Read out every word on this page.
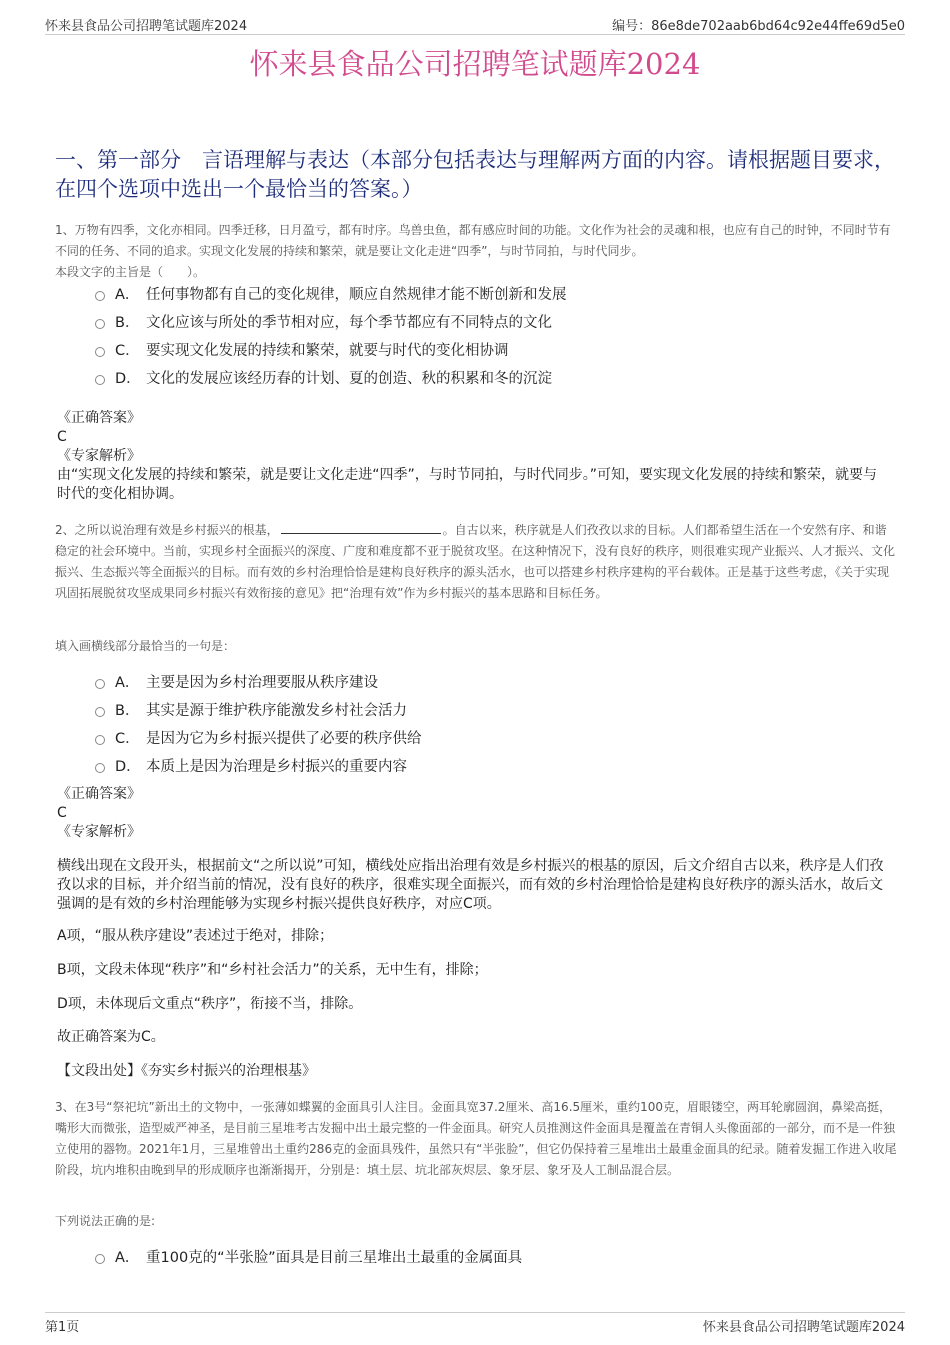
怀来县食品公司招聘笔试题库2024	编号：86e8de702aab6bd64c92e44ffe69d5e0
怀来县食品公司招聘笔试题库2024
一、第一部分　言语理解与表达（本部分包括表达与理解两方面的内容。请根据题目要求，在四个选项中选出一个最恰当的答案。）
1、万物有四季，文化亦相同。四季迁移，日月盈亏，都有时序。鸟兽虫鱼，都有感应时间的功能。文化作为社会的灵魂和根，也应有自己的时钟，不同时节有不同的任务、不同的追求。实现文化发展的持续和繁荣，就是要让文化走进“四季”，与时节同拍，与时代同步。
本段文字的主旨是（　　）。
A． 任何事物都有自己的变化规律，顺应自然规律才能不断创新和发展
B． 文化应该与所处的季节相对应，每个季节都应有不同特点的文化
C． 要实现文化发展的持续和繁荣，就要与时代的变化相协调
D． 文化的发展应该经历春的计划、夏的创造、秋的积累和冬的沉淀
《正确答案》
C
《专家解析》
由“实现文化发展的持续和繁荣，就是要让文化走进“四季”，与时节同拍，与时代同步。”可知，要实现文化发展的持续和繁荣，就要与时代的变化相协调。
2、之所以说治理有效是乡村振兴的根基，	。自古以来，秩序就是人们孜孜以求的目标。人们都希望生活在一个安然有序、和谐稳定的社会环境中。当前，实现乡村全面振兴的深度、广度和难度都不亚于脱贫攻坚。在这种情况下，没有良好的秩序，则很难实现产业振兴、人才振兴、文化振兴、生态振兴等全面振兴的目标。而有效的乡村治理恰恰是建构良好秩序的源头活水，也可以搭建乡村秩序建构的平台载体。正是基于这些考虑，《关于实现巩固拓展脱贫攻坚成果同乡村振兴有效衔接的意见》把“治理有效”作为乡村振兴的基本思路和目标任务。
填入画横线部分最恰当的一句是：
A． 主要是因为乡村治理要服从秩序建设
B． 其实是源于维护秩序能激发乡村社会活力
C． 是因为它为乡村振兴提供了必要的秩序供给
D． 本质上是因为治理是乡村振兴的重要内容
《正确答案》
C
《专家解析》
横线出现在文段开头，根据前文“之所以说”可知，横线处应指出治理有效是乡村振兴的根基的原因，后文介绍自古以来，秩序是人们孜孜以求的目标，并介绍当前的情况，没有良好的秩序，很难实现全面振兴，而有效的乡村治理恰恰是建构良好秩序的源头活水，故后文强调的是有效的乡村治理能够为实现乡村振兴提供良好秩序，对应C项。
A项，“服从秩序建设”表述过于绝对，排除；
B项，文段未体现“秩序”和“乡村社会活力”的关系，无中生有，排除；
D项，未体现后文重点“秩序”，衔接不当，排除。
故正确答案为C。
【文段出处】《夯实乡村振兴的治理根基》
3、在3号“祭祀坑”新出土的文物中，一张薄如蝶翼的金面具引人注目。金面具宽37.2厘米、高16.5厘米，重约100克，眉眼镂空，两耳轮廓圆润，鼻梁高挺，嘴形大而微张，造型威严神圣，是目前三星堆考古发掘中出土最完整的一件金面具。研究人员推测这件金面具是覆盖在青铜人头像面部的一部分，而不是一件独立使用的器物。2021年1月，三星堆曾出土重约286克的金面具残件，虽然只有“半张脸”，但它仍保持着三星堆出土最重金面具的纪录。随着发掘工作进入收尾阶段，坑内堆积由晚到早的形成顺序也渐渐揭开，分别是：填土层、坑北部灰烬层、象牙层、象牙及人工制品混合层。
下列说法正确的是:
A． 重100克的“半张脸”面具是目前三星堆出土最重的金属面具
第1页	怀来县食品公司招聘笔试题库2024
